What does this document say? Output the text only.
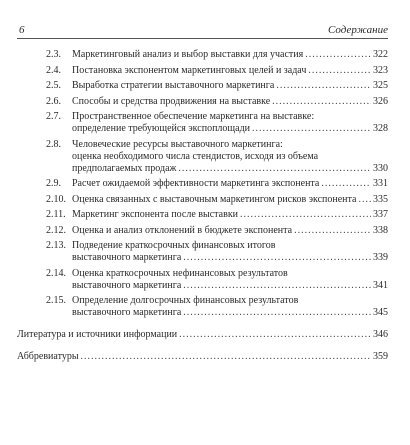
6	Содержание
2.3. Маркетинговый анализ и выбор выставки для участия .....	322
2.4. Постановка экспонентом маркетинговых целей и задач .....	323
2.5. Выработка стратегии выставочного маркетинга .....	325
2.6. Способы и средства продвижения на выставке .....	326
2.7. Пространственное обеспечение маркетинга на выставке:
определение требующейся экспоплощади .....	328
2.8. Человеческие ресурсы выставочного маркетинга:
оценка необходимого числа стендистов, исходя из объема
предполагаемых продаж .....	330
2.9. Расчет ожидаемой эффективности маркетинга экспонента .....	331
2.10. Оценка связанных с выставочным маркетингом рисков экспонента ..... 335
2.11. Маркетинг экспонента после выставки .....	337
2.12. Оценка и анализ отклонений в бюджете экспонента .....	338
2.13. Подведение краткосрочных финансовых итогов
выставочного маркетинга .....	339
2.14. Оценка краткосрочных нефинансовых результатов
выставочного маркетинга .....	341
2.15. Определение долгосрочных финансовых результатов
выставочного маркетинга .....	345
Литература и источники информации .....	346
Аббревиатуры .....	359
